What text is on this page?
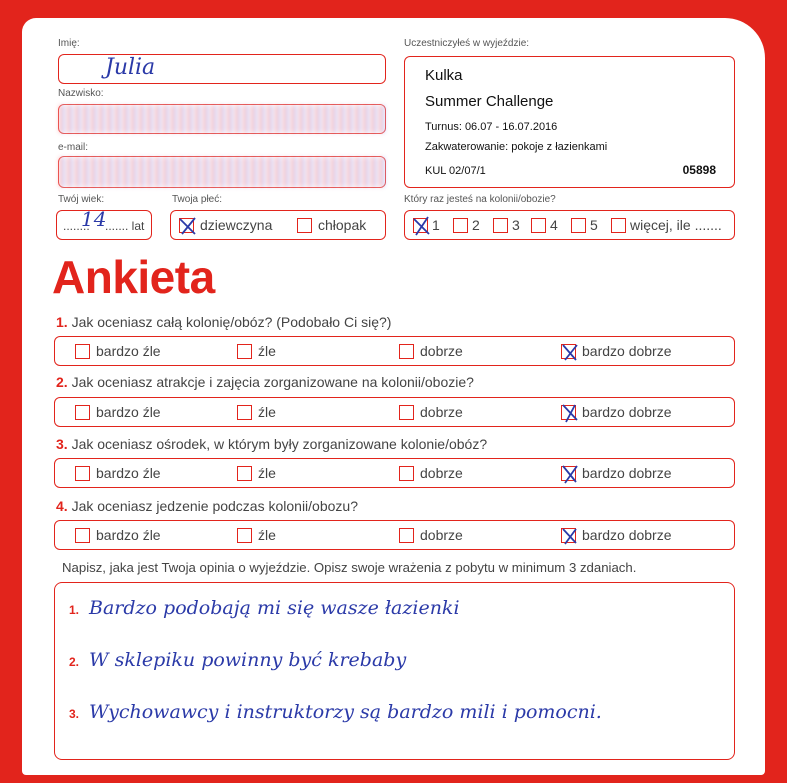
Imię:
Julia
Nazwisko:
e-mail:
Twój wiek:
........
14
....... lat
Twoja płeć:
dziewczyna	chłopak
Uczestniczyłeś w wyjeździe:
Kulka
Summer Challenge
Turnus: 06.07 - 16.07.2016
Zakwaterowanie: pokoje z łazienkami
KUL 02/07/1	05898
Który raz jesteś na kolonii/obozie?
1 2 3 4 5 więcej, ile .......
Ankieta
1. Jak oceniasz całą kolonię/obóz? (Podobało Ci się?)
bardzo źle	źle	dobrze	bardzo dobrze
2. Jak oceniasz atrakcje i zajęcia zorganizowane na kolonii/obozie?
bardzo źle	źle	dobrze	bardzo dobrze
3. Jak oceniasz ośrodek, w którym były zorganizowane kolonie/obóz?
bardzo źle	źle	dobrze	bardzo dobrze
4. Jak oceniasz jedzenie podczas kolonii/obozu?
bardzo źle	źle	dobrze	bardzo dobrze
Napisz, jaka jest Twoja opinia o wyjeździe. Opisz swoje wrażenia z pobytu w minimum 3 zdaniach.
1. Bardzo podobają mi się wasze łazienki
2. W sklepiku powinny być krebaby
3. Wychowawcy i instruktorzy są bardzo mili i pomocni.
